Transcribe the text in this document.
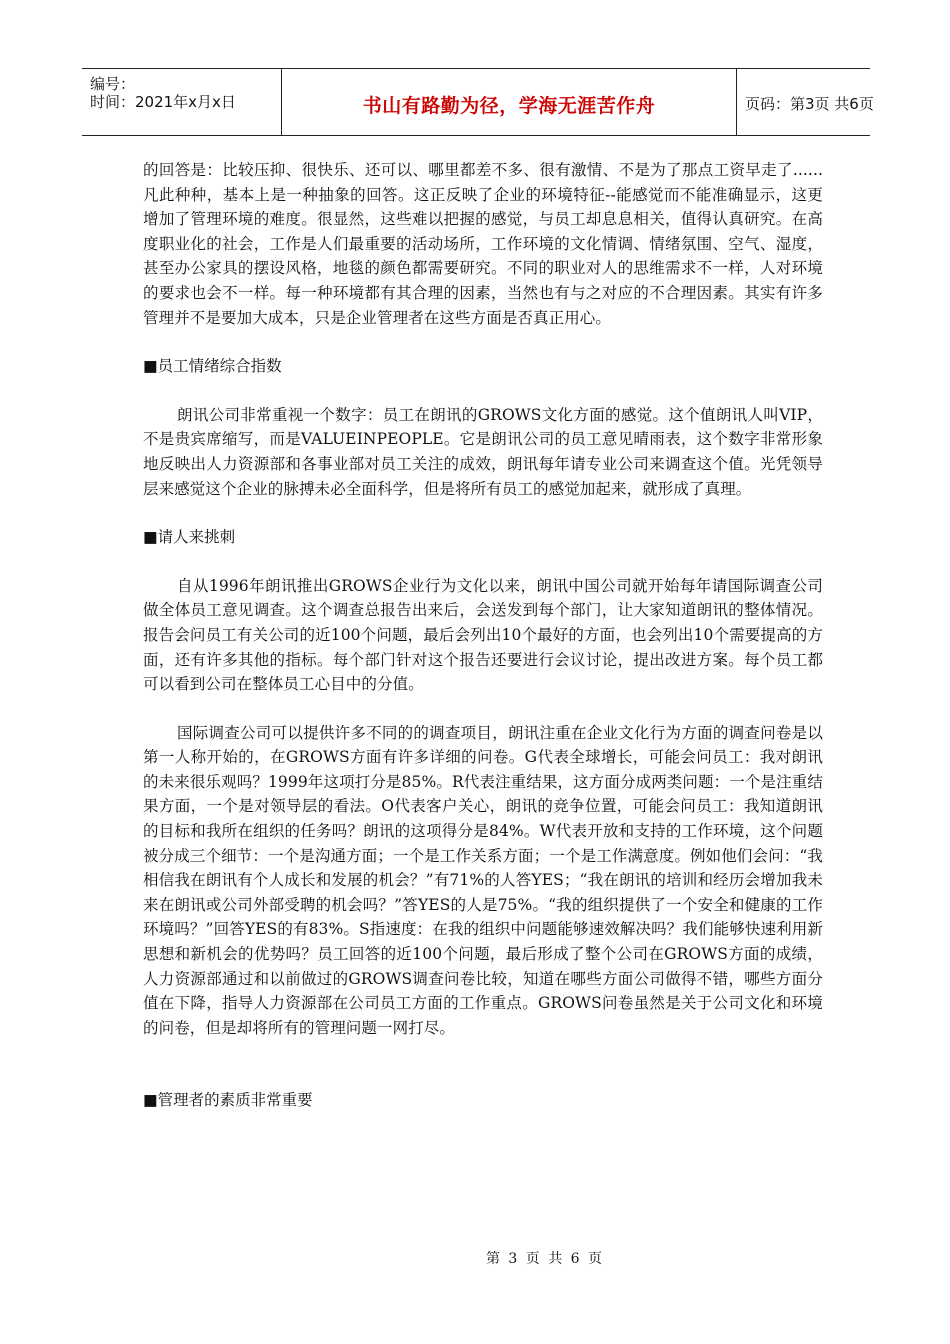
编号：
时间：2021年x月x日	书山有路勤为径，学海无涯苦作舟	页码：第3页 共6页

的回答是：比较压抑、很快乐、还可以、哪里都差不多、很有激情、不是为了那点工资早走了......凡此种种，基本上是一种抽象的回答。这正反映了企业的环境特征--能感觉而不能准确显示，这更增加了管理环境的难度。很显然，这些难以把握的感觉，与员工却息息相关，值得认真研究。在高度职业化的社会，工作是人们最重要的活动场所，工作环境的文化情调、情绪氛围、空气、湿度，甚至办公家具的摆设风格，地毯的颜色都需要研究。不同的职业对人的思维需求不一样，人对环境的要求也会不一样。每一种环境都有其合理的因素，当然也有与之对应的不合理因素。其实有许多管理并不是要加大成本，只是企业管理者在这些方面是否真正用心。

■员工情绪综合指数

朗讯公司非常重视一个数字：员工在朗讯的GROWS文化方面的感觉。这个值朗讯人叫VIP，不是贵宾席缩写，而是VALUEINPEOPLE。它是朗讯公司的员工意见晴雨表，这个数字非常形象地反映出人力资源部和各事业部对员工关注的成效，朗讯每年请专业公司来调查这个值。光凭领导层来感觉这个企业的脉搏未必全面科学，但是将所有员工的感觉加起来，就形成了真理。

■请人来挑刺

自从1996年朗讯推出GROWS企业行为文化以来，朗讯中国公司就开始每年请国际调查公司做全体员工意见调查。这个调查总报告出来后，会送发到每个部门，让大家知道朗讯的整体情况。报告会问员工有关公司的近100个问题，最后会列出10个最好的方面，也会列出10个需要提高的方面，还有许多其他的指标。每个部门针对这个报告还要进行会议讨论，提出改进方案。每个员工都可以看到公司在整体员工心目中的分值。

国际调查公司可以提供许多不同的的调查项目，朗讯注重在企业文化行为方面的调查问卷是以第一人称开始的，在GROWS方面有许多详细的问卷。G代表全球增长，可能会问员工：我对朗讯的未来很乐观吗？1999年这项打分是85%。R代表注重结果，这方面分成两类问题：一个是注重结果方面，一个是对领导层的看法。O代表客户关心，朗讯的竞争位置，可能会问员工：我知道朗讯的目标和我所在组织的任务吗？朗讯的这项得分是84%。W代表开放和支持的工作环境，这个问题被分成三个细节：一个是沟通方面；一个是工作关系方面；一个是工作满意度。例如他们会问：“我相信我在朗讯有个人成长和发展的机会？”有71%的人答YES；“我在朗讯的培训和经历会增加我未来在朗讯或公司外部受聘的机会吗？”答YES的人是75%。“我的组织提供了一个安全和健康的工作环境吗？”回答YES的有83%。S指速度：在我的组织中问题能够速效解决吗？我们能够快速利用新思想和新机会的优势吗？员工回答的近100个问题，最后形成了整个公司在GROWS方面的成绩，人力资源部通过和以前做过的GROWS调查问卷比较，知道在哪些方面公司做得不错，哪些方面分值在下降，指导人力资源部在公司员工方面的工作重点。GROWS问卷虽然是关于公司文化和环境的问卷，但是却将所有的管理问题一网打尽。

■管理者的素质非常重要

第 3 页 共 6 页
